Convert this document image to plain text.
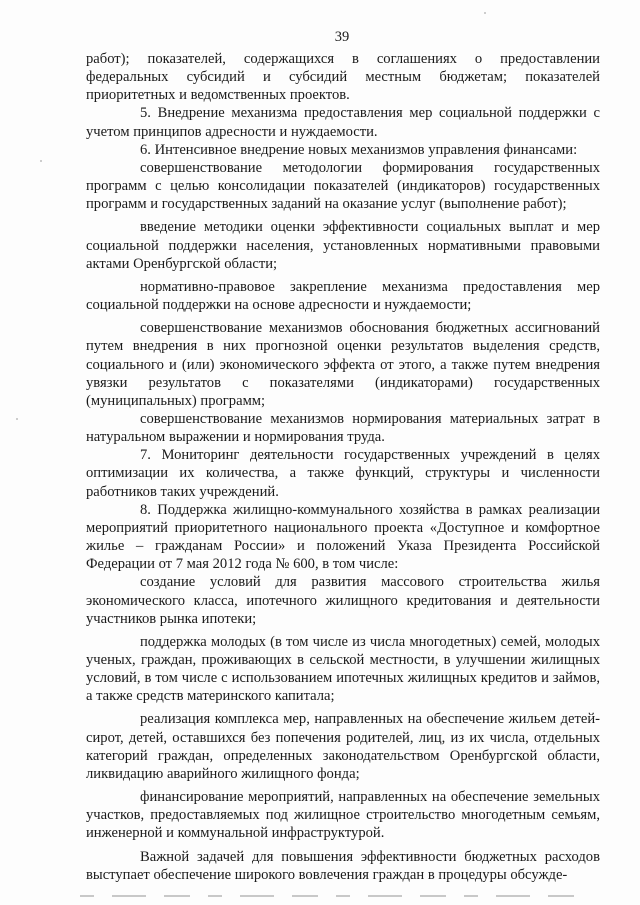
39

работ); показателей, содержащихся в соглашениях о предоставлении федеральных субсидий и субсидий местным бюджетам; показателей приоритетных и ведомственных проектов.

5. Внедрение механизма предоставления мер социальной поддержки с учетом принципов адресности и нуждаемости.

6. Интенсивное внедрение новых механизмов управления финансами:

совершенствование методологии формирования государственных программ с целью консолидации показателей (индикаторов) государственных программ и государственных заданий на оказание услуг (выполнение работ);

введение методики оценки эффективности социальных выплат и мер социальной поддержки населения, установленных нормативными правовыми актами Оренбургской области;

нормативно-правовое закрепление механизма предоставления мер социальной поддержки на основе адресности и нуждаемости;

совершенствование механизмов обоснования бюджетных ассигнований путем внедрения в них прогнозной оценки результатов выделения средств, социального и (или) экономического эффекта от этого, а также путем внедрения увязки результатов с показателями (индикаторами) государственных (муниципальных) программ;

совершенствование механизмов нормирования материальных затрат в натуральном выражении и нормирования труда.

7. Мониторинг деятельности государственных учреждений в целях оптимизации их количества, а также функций, структуры и численности работников таких учреждений.

8. Поддержка жилищно-коммунального хозяйства в рамках реализации мероприятий приоритетного национального проекта «Доступное и комфортное жилье – гражданам России» и положений Указа Президента Российской Федерации от 7 мая 2012 года № 600, в том числе:

создание условий для развития массового строительства жилья экономического класса, ипотечного жилищного кредитования и деятельности участников рынка ипотеки;

поддержка молодых (в том числе из числа многодетных) семей, молодых ученых, граждан, проживающих в сельской местности, в улучшении жилищных условий, в том числе с использованием ипотечных жилищных кредитов и займов, а также средств материнского капитала;

реализация комплекса мер, направленных на обеспечение жильем детей-сирот, детей, оставшихся без попечения родителей, лиц, из их числа, отдельных категорий граждан, определенных законодательством Оренбургской области, ликвидацию аварийного жилищного фонда;

финансирование мероприятий, направленных на обеспечение земельных участков, предоставляемых под жилищное строительство многодетным семьям, инженерной и коммунальной инфраструктурой.

Важной задачей для повышения эффективности бюджетных расходов выступает обеспечение широкого вовлечения граждан в процедуры обсужде-
